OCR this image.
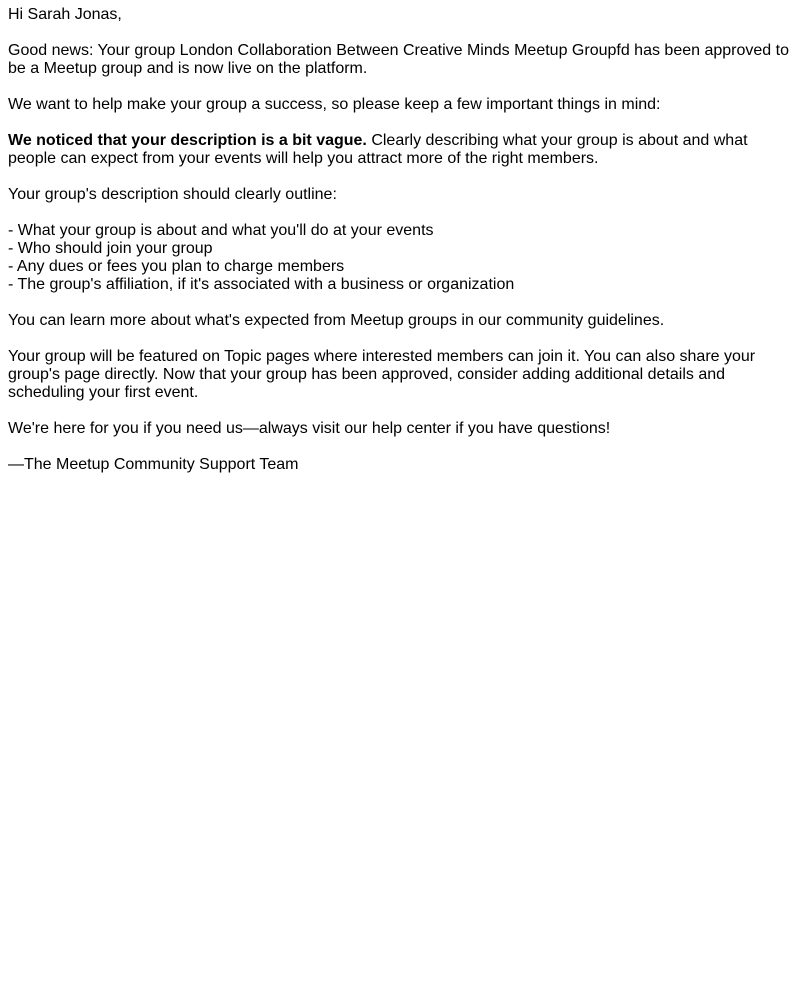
Hi Sarah Jonas,
Good news: Your group London Collaboration Between Creative Minds Meetup Groupfd has been approved to be a Meetup group and is now live on the platform.
We want to help make your group a success, so please keep a few important things in mind:
We noticed that your description is a bit vague. Clearly describing what your group is about and what people can expect from your events will help you attract more of the right members.
Your group's description should clearly outline:
- What your group is about and what you'll do at your events
- Who should join your group
- Any dues or fees you plan to charge members
- The group's affiliation, if it's associated with a business or organization
You can learn more about what's expected from Meetup groups in our community guidelines.
Your group will be featured on Topic pages where interested members can join it. You can also share your group's page directly. Now that your group has been approved, consider adding additional details and scheduling your first event.
We're here for you if you need us—always visit our help center if you have questions!
—The Meetup Community Support Team
